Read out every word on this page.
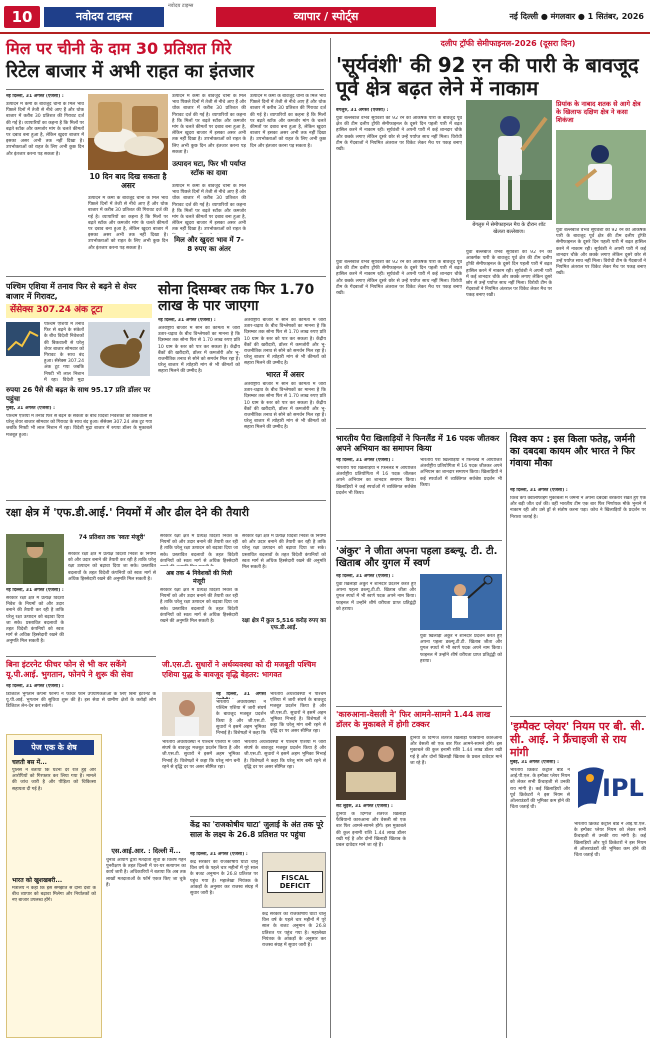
10	नवोदय टाइम्स
नवोदय टाइम्स
व्यापार / स्पोर्ट्स	नई दिल्ली ● मंगलवार ● 1 सितंबर, 2026
मिल पर चीनी के दाम 30 प्रतिशत गिरे
रिटेल बाजार में अभी राहत का इंतजार
नई दिल्ली, 31 अगस्त (एजेंसी) :
उत्पादन में कमी के बावजूद चीनी के मिल भाव पिछले दिनों में तेजी से नीचे आए हैं और थोक बाजार में करीब 30 प्रतिशत की गिरावट दर्ज की गई है। व्यापारियों का कहना है कि मिलों पर बढ़ते स्टॉक और कमजोर मांग के चलते कीमतों पर दबाव बना हुआ है, लेकिन खुदरा बाजार में इसका असर अभी तक नहीं दिखा है। उपभोक्ताओं को राहत के लिए अभी कुछ दिन और इंतजार करना पड़ सकता है।
10 दिन बाद दिख सकता है असर
उत्पादन में कमी के बावजूद चीनी के मिल भाव पिछले दिनों में तेजी से नीचे आए हैं और थोक बाजार में करीब 30 प्रतिशत की गिरावट दर्ज की गई है। व्यापारियों का कहना है कि मिलों पर बढ़ते स्टॉक और कमजोर मांग के चलते कीमतों पर दबाव बना हुआ है, लेकिन खुदरा बाजार में इसका असर अभी तक नहीं दिखा है। उपभोक्ताओं को राहत के लिए अभी कुछ दिन और इंतजार करना पड़ सकता है।
उत्पादन में कमी के बावजूद चीनी के मिल भाव पिछले दिनों में तेजी से नीचे आए हैं और थोक बाजार में करीब 30 प्रतिशत की गिरावट दर्ज की गई है। व्यापारियों का कहना है कि मिलों पर बढ़ते स्टॉक और कमजोर मांग के चलते कीमतों पर दबाव बना हुआ है, लेकिन खुदरा बाजार में इसका असर अभी तक नहीं दिखा है। उपभोक्ताओं को राहत के लिए अभी कुछ दिन और इंतजार करना पड़ सकता है।
उत्पादन घटा, फिर भी पर्याप्त स्टॉक का दावा
उत्पादन में कमी के बावजूद चीनी के मिल भाव पिछले दिनों में तेजी से नीचे आए हैं और थोक बाजार में करीब 30 प्रतिशत की गिरावट दर्ज की गई है। व्यापारियों का कहना है कि मिलों पर बढ़ते स्टॉक और कमजोर मांग के चलते कीमतों पर दबाव बना हुआ है, लेकिन खुदरा बाजार में इसका असर अभी तक नहीं दिखा है। उपभोक्ताओं को राहत के
मिल और खुदरा भाव में 7-8 रुपए का अंतर
उत्पादन में कमी के बावजूद चीनी के मिल भाव पिछले दिनों में तेजी से नीचे आए हैं और थोक बाजार में करीब 30 प्रतिशत की गिरावट दर्ज की गई है। व्यापारियों का कहना है कि मिलों पर बढ़ते स्टॉक और कमजोर मांग के चलते कीमतों पर दबाव बना हुआ है, लेकिन खुदरा बाजार में इसका असर अभी तक नहीं दिखा है। उपभोक्ताओं को राहत के लिए अभी कुछ दिन और इंतजार करना पड़ सकता है।
पश्चिम एशिया में तनाव फिर से बढ़ने से शेयर बाजार में गिरावट,
सेंसेक्स 307.24 अंक टूटा
पश्चिम एशिया में तनाव फिर से बढ़ने के संकेतों के बीच विदेशी निवेशकों की बिकवाली से घरेलू शेयर बाजार सोमवार को गिरावट के साथ बंद हुआ। सेंसेक्स 307.24 अंक टूट गया जबकि निफ्टी भी लाल निशान में रहा। विदेशी मुद्रा
रुपया 26 पैसे की बढ़त के साथ 95.17 प्रति डॉलर पर पहुंचा
मुंबई, 31 अगस्त (एजेंसी) :
पश्चिम एशिया में तनाव फिर से बढ़ने के संकेतों के बीच विदेशी निवेशकों की बिकवाली से घरेलू शेयर बाजार सोमवार को गिरावट के साथ बंद हुआ। सेंसेक्स 307.24 अंक टूट गया जबकि निफ्टी भी लाल निशान में रहा। विदेशी मुद्रा बाजार में रुपया डॉलर के मुकाबले मजबूत हुआ।
सोना दिसम्बर तक फिर 1.70 लाख के पार जाएगा
नई दिल्ली, 31 अगस्त (एजेंसी) :
अंतर्राष्ट्रीय बाजार में सोने की कीमतों में जारी उतार-चढ़ाव के बीच विश्लेषकों का मानना है कि दिसम्बर तक सोना फिर से 1.70 लाख रुपए प्रति 10 ग्राम के स्तर को पार कर सकता है। केंद्रीय बैंकों की खरीदारी, डॉलर में कमजोरी और भू-राजनीतिक तनाव से सोने को समर्थन मिल रहा है। घरेलू बाजार में त्योहारी मांग से भी कीमतों को सहारा मिलने की उम्मीद है।
अंतर्राष्ट्रीय बाजार में सोने की कीमतों में जारी उतार-चढ़ाव के बीच विश्लेषकों का मानना है कि दिसम्बर तक सोना फिर से 1.70 लाख रुपए प्रति 10 ग्राम के स्तर को पार कर सकता है। केंद्रीय बैंकों की खरीदारी, डॉलर में कमजोरी और भू-राजनीतिक तनाव से सोने को समर्थन मिल रहा है। घरेलू बाजार में त्योहारी मांग से भी कीमतों को सहारा मिलने की उम्मीद है।
भारत में असर
अंतर्राष्ट्रीय बाजार में सोने की कीमतों में जारी उतार-चढ़ाव के बीच विश्लेषकों का मानना है कि दिसम्बर तक सोना फिर से 1.70 लाख रुपए प्रति 10 ग्राम के स्तर को पार कर सकता है। केंद्रीय बैंकों की खरीदारी, डॉलर में कमजोरी और भू-राजनीतिक तनाव से सोने को समर्थन मिल रहा है। घरेलू बाजार में त्योहारी मांग से भी कीमतों को सहारा मिलने की उम्मीद है।
रक्षा क्षेत्र में 'एफ.डी.आई.' नियमों में और ढील देने की तैयारी
नई दिल्ली, 31 अगस्त (एजेंसी) :
सरकार रक्षा क्षेत्र में प्रत्यक्ष विदेशी निवेश के नियमों को और उदार बनाने की तैयारी कर रही है ताकि घरेलू रक्षा उत्पादन को बढ़ावा दिया जा सके। प्रस्तावित बदलावों के तहत विदेशी कंपनियों को स्वतः मार्ग से अधिक हिस्सेदारी रखने की अनुमति मिल सकती है।
74 प्रतिशत तक 'स्वतः मंजूरी'
सरकार रक्षा क्षेत्र में प्रत्यक्ष विदेशी निवेश के नियमों को और उदार बनाने की तैयारी कर रही है ताकि घरेलू रक्षा उत्पादन को बढ़ावा दिया जा सके। प्रस्तावित बदलावों के तहत विदेशी कंपनियों को स्वतः मार्ग से अधिक हिस्सेदारी रखने की अनुमति मिल सकती है।
सरकार रक्षा क्षेत्र में प्रत्यक्ष विदेशी निवेश के नियमों को और उदार बनाने की तैयारी कर रही है ताकि घरेलू रक्षा उत्पादन को बढ़ावा दिया जा सके। प्रस्तावित बदलावों के तहत विदेशी कंपनियों को स्वतः मार्ग से अधिक हिस्सेदारी
अब तक 4 निवेशकों की मिली मंजूरी
सरकार रक्षा क्षेत्र में प्रत्यक्ष विदेशी निवेश के नियमों को और उदार बनाने की तैयारी कर रही है ताकि घरेलू रक्षा उत्पादन को बढ़ावा दिया जा सके। प्रस्तावित बदलावों के तहत विदेशी कंपनियों को स्वतः मार्ग से अधिक हिस्सेदारी रखने की अनुमति मिल सकती है।
सरकार रक्षा क्षेत्र में प्रत्यक्ष विदेशी निवेश के नियमों को और उदार बनाने की तैयारी कर रही है ताकि घरेलू रक्षा उत्पादन को बढ़ावा दिया जा सके। प्रस्तावित बदलावों के तहत विदेशी कंपनियों को स्वतः मार्ग से अधिक हिस्सेदारी रखने की अनुमति मिल सकती है।
रक्षा क्षेत्र में कुल 5,516 करोड़ रुपए का एफ.डी.आई.
बिना इंटरनेट फीचर फोन से भी कर सकेंगे यू.पी.आई. भुगतान, फोनपे ने शुरू की सेवा
नई दिल्ली, 31 अगस्त (एजेंसी) :
डिजिटल भुगतान कंपनी फोनपे ने फीचर फोन उपयोगकर्ताओं के लिए बिना इंटरनेट के यू.पी.आई. भुगतान की सुविधा शुरू की है। इस सेवा से ग्रामीण क्षेत्रों के करोड़ों लोग डिजिटल लेन-देन कर सकेंगे।
पेज एक के शेष
चलती बस में...
पुलिस ने बताया कि घटना देर रात हुई और आरोपियों को गिरफ्तार कर लिया गया है। मामले की जांच जारी है और पीड़िता को चिकित्सा सहायता दी गई है।
भारत को खुशखबरी...
मंत्रालय ने कहा कि इस समझौते से दोनों देशों के बीच व्यापार को बढ़ावा मिलेगा और निर्यातकों को नए बाजार उपलब्ध होंगे।
एस.आई.आर. : दिल्ली में...
चुनाव आयोग द्वारा मतदाता सूची के विशेष गहन पुनरीक्षण के तहत दिल्ली में घर-घर सत्यापन का कार्य जारी है। अधिकारियों ने बताया कि अब तक लाखों मतदाताओं के फॉर्म एकत्र किए जा चुके हैं।
जी.एस.टी. सुधारों ने अर्थव्यवस्था को दी मजबूती पश्चिम एशिया युद्ध के बावजूद वृद्धि बेहतर: भागवत
नई दिल्ली, 31 अगस्त
भारतीय अर्थव्यवस्था ने पश्चिम एशिया में जारी संघर्ष के बावजूद मजबूत प्रदर्शन किया है और जी.एस.टी. सुधारों ने इसमें अहम भूमिका निभाई है। विशेषज्ञों ने कहा कि
भारतीय अर्थव्यवस्था ने पश्चिम एशिया में जारी संघर्ष के बावजूद मजबूत प्रदर्शन किया है और जी.एस.टी. सुधारों ने इसमें अहम भूमिका निभाई है। विशेषज्ञों ने कहा कि घरेलू मांग बनी रहने से वृद्धि दर पर असर सीमित रहा।
भारतीय अर्थव्यवस्था ने पश्चिम एशिया में जारी संघर्ष के बावजूद मजबूत प्रदर्शन किया है और जी.एस.टी. सुधारों ने इसमें अहम भूमिका निभाई है। विशेषज्ञों ने कहा कि घरेलू मांग बनी रहने से वृद्धि दर पर असर सीमित रहा।
भारतीय अर्थव्यवस्था ने पश्चिम एशिया में जारी संघर्ष के बावजूद मजबूत प्रदर्शन किया है और जी.एस.टी. सुधारों ने इसमें अहम भूमिका निभाई है। विशेषज्ञों ने कहा कि घरेलू मांग बनी रहने से वृद्धि दर पर असर सीमित रहा।
केंद्र का 'राजकोषीय घाटा' जुलाई के अंत तक पूरे साल के लक्ष्य के 26.8 प्रतिशत पर पहुंचा
नई दिल्ली, 31 अगस्त (एजेंसी) :
केंद्र सरकार का राजकोषीय घाटा चालू वित्त वर्ष के पहले चार महीनों में पूरे साल के बजट अनुमान के 26.8 प्रतिशत पर पहुंच गया है। महालेखा नियंत्रक के आंकड़ों के अनुसार कर राजस्व संग्रह में सुधार जारी है।
FISCAL DEFICIT
केंद्र सरकार का राजकोषीय घाटा चालू वित्त वर्ष के पहले चार महीनों में पूरे साल के बजट अनुमान के 26.8 प्रतिशत पर पहुंच गया है। महालेखा नियंत्रक के आंकड़ों के अनुसार कर राजस्व संग्रह में सुधार जारी है।
दलीप ट्रॉफी सेमीफाइनल-2026 (दूसरा दिन)
'सूर्यवंशी' की 92 रन की पारी के बावजूद पूर्व क्षेत्र बढ़त लेने में नाकाम
बेंगलुरु, 31 अगस्त (एजेंसी) :
युवा बल्लेबाज वैभव सूर्यवंशी की 92 रन की आकर्षक पारी के बावजूद पूर्व क्षेत्र की टीम दलीप ट्रॉफी सेमीफाइनल के दूसरे दिन पहली पारी में बढ़त हासिल करने में नाकाम रही। सूर्यवंशी ने अपनी पारी में कई शानदार चौके और छक्के लगाए लेकिन दूसरे छोर से उन्हें पर्याप्त साथ नहीं मिला। विरोधी टीम के गेंदबाजों ने नियमित अंतराल पर विकेट लेकर मैच पर पकड़ बनाए रखी।
बेंगलुरु में सेमीफाइनल मैच के दौरान शॉट खेलता बल्लेबाज।
प्रियांक के नाबाद शतक से आगे क्षेत्र के खिलाफ दक्षिण क्षेत्र ने कसा शिकंजा
युवा बल्लेबाज वैभव सूर्यवंशी की 92 रन की आकर्षक पारी के बावजूद पूर्व क्षेत्र की टीम दलीप ट्रॉफी सेमीफाइनल के दूसरे दिन पहली पारी में बढ़त हासिल करने में नाकाम रही। सूर्यवंशी ने अपनी पारी में कई शानदार चौके और छक्के लगाए लेकिन दूसरे छोर से उन्हें पर्याप्त साथ नहीं मिला। विरोधी टीम के गेंदबाजों ने नियमित अंतराल पर विकेट लेकर मैच पर पकड़ बनाए रखी।
युवा बल्लेबाज वैभव सूर्यवंशी की 92 रन की आकर्षक पारी के बावजूद पूर्व क्षेत्र की टीम दलीप ट्रॉफी सेमीफाइनल के दूसरे दिन पहली पारी में बढ़त हासिल करने में नाकाम रही। सूर्यवंशी ने अपनी पारी में कई शानदार चौके और छक्के लगाए लेकिन दूसरे छोर से उन्हें पर्याप्त साथ नहीं मिला। विरोधी टीम के गेंदबाजों ने नियमित अंतराल पर विकेट लेकर मैच पर पकड़ बनाए रखी।
युवा बल्लेबाज वैभव सूर्यवंशी की 92 रन की आकर्षक पारी के बावजूद पूर्व क्षेत्र की टीम दलीप ट्रॉफी सेमीफाइनल के दूसरे दिन पहली पारी में बढ़त हासिल करने में नाकाम रही। सूर्यवंशी ने अपनी पारी में कई शानदार चौके और छक्के लगाए लेकिन दूसरे छोर से उन्हें पर्याप्त साथ नहीं मिला। विरोधी टीम के गेंदबाजों ने नियमित अंतराल पर विकेट लेकर मैच पर पकड़ बनाए रखी।
भारतीय पैरा खिलाड़ियों ने फिनलैंड में 16 पदक जीतकर अपने अभियान का समापन किया
नई दिल्ली, 31 अगस्त (एजेंसी) :
भारतीय पैरा खिलाड़ियों ने फिनलैंड में आयोजित अंतर्राष्ट्रीय प्रतियोगिता में 16 पदक जीतकर अपने अभियान का शानदार समापन किया। खिलाड़ियों ने कई स्पर्धाओं में व्यक्तिगत सर्वश्रेष्ठ प्रदर्शन भी किया।
भारतीय पैरा खिलाड़ियों ने फिनलैंड में आयोजित अंतर्राष्ट्रीय प्रतियोगिता में 16 पदक जीतकर अपने अभियान का शानदार समापन किया। खिलाड़ियों ने कई स्पर्धाओं में व्यक्तिगत सर्वश्रेष्ठ प्रदर्शन भी किया।
'अंकुर' ने जीता अपना पहला डब्ल्यू. टी. टी. खिताब और युगल में स्वर्ण
नई दिल्ली, 31 अगस्त (एजेंसी) :
युवा खिलाड़ी अंकुर ने शानदार प्रदर्शन करते हुए अपना पहला डब्ल्यू.टी.टी. खिताब जीता और युगल स्पर्धा में भी स्वर्ण पदक अपने नाम किया। फाइनल में उन्होंने शीर्ष वरीयता प्राप्त प्रतिद्वंद्वी को हराया।
युवा खिलाड़ी अंकुर ने शानदार प्रदर्शन करते हुए अपना पहला डब्ल्यू.टी.टी. खिताब जीता और युगल स्पर्धा में भी स्वर्ण पदक अपने नाम किया। फाइनल में उन्होंने शीर्ष वरीयता प्राप्त प्रतिद्वंद्वी को हराया।
'कारुआना-वेसली ने' फिर आमने-सामने 1.44 लाख डॉलर के मुकाबले में होगी टक्कर
सेंट लुइस, 31 अगस्त (एजेंसी) :
दुनिया के दिग्गज शतरंज खिलाड़ी फैबियानो कारुआना और वेसली सो एक बार फिर आमने-सामने होंगे। इस मुकाबले की कुल इनामी राशि 1.44 लाख डॉलर रखी गई है और दोनों खिलाड़ी खिताब के प्रबल दावेदार माने जा रहे हैं।
दुनिया के दिग्गज शतरंज खिलाड़ी फैबियानो कारुआना और वेसली सो एक बार फिर आमने-सामने होंगे। इस मुकाबले की कुल इनामी राशि 1.44 लाख डॉलर रखी गई है और दोनों खिलाड़ी खिताब के प्रबल दावेदार माने जा रहे हैं।
विश्व कप : इस किला फतेह, जर्मनी का दबदबा कायम और भारत ने फिर गंवाया मौका
नई दिल्ली, 31 अगस्त (एजेंसी) :
विश्व कप क्वालीफाइंग मुकाबलों में जर्मनी ने अपना दबदबा बरकरार रखते हुए एक और बड़ी जीत दर्ज की। वहीं भारतीय टीम एक बार फिर निर्णायक मौके भुनाने में नाकाम रही और उसे ड्रॉ से संतोष करना पड़ा। कोच ने खिलाड़ियों के प्रदर्शन पर निराशा जताई है।
'इम्पैक्ट प्लेयर' नियम पर बी. सी. सी. आई. ने फ्रैंचाइजी से राय मांगी
मुंबई, 31 अगस्त (एजेंसी) :
भारतीय क्रिकेट कंट्रोल बोर्ड ने आई.पी.एल. के इम्पैक्ट प्लेयर नियम को लेकर सभी फ्रैंचाइजी से उनकी राय मांगी है। कई खिलाड़ियों और पूर्व क्रिकेटरों ने इस नियम से ऑलराउंडरों की भूमिका कम होने की चिंता जताई थी।
IPL
भारतीय क्रिकेट कंट्रोल बोर्ड ने आई.पी.एल. के इम्पैक्ट प्लेयर नियम को लेकर सभी फ्रैंचाइजी से उनकी राय मांगी है। कई खिलाड़ियों और पूर्व क्रिकेटरों ने इस नियम से ऑलराउंडरों की भूमिका कम होने की चिंता जताई थी।
